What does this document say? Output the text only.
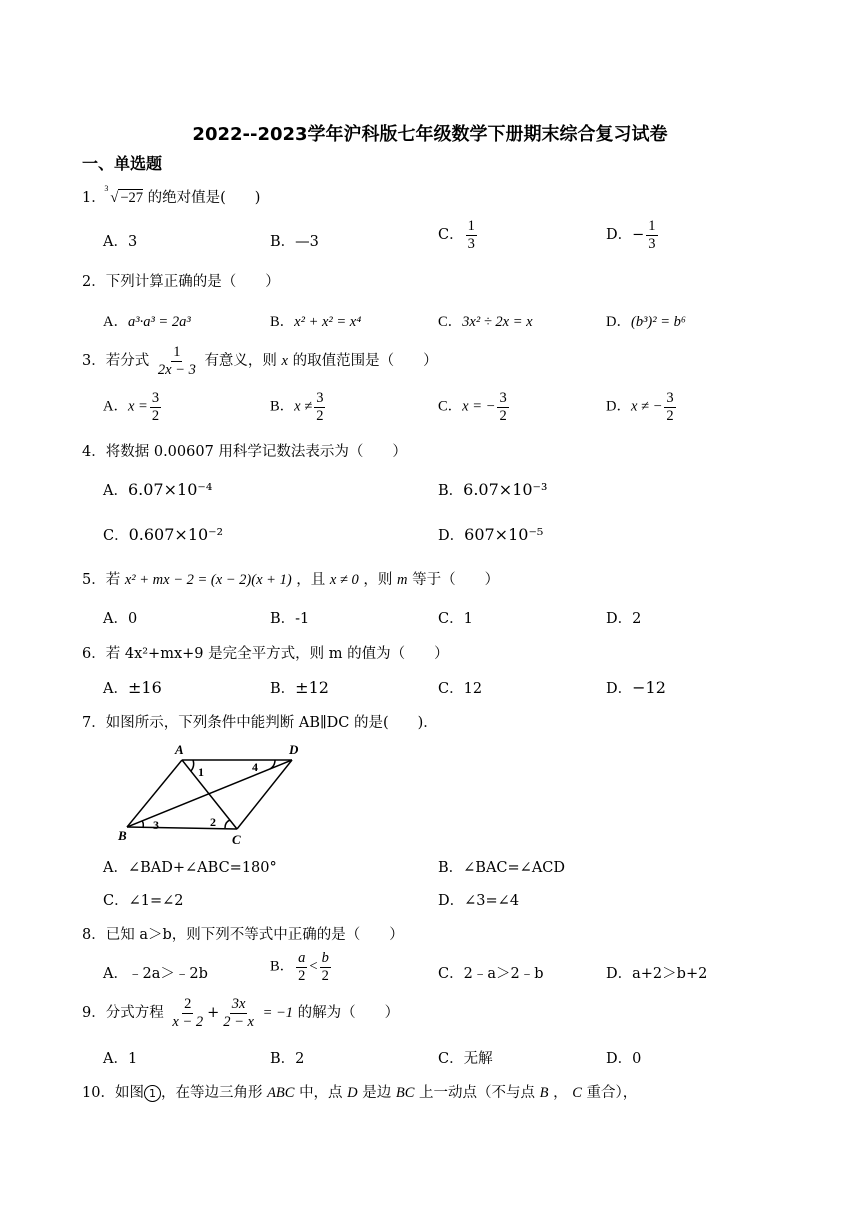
2022--2023学年沪科版七年级数学下册期末综合复习试卷
一、单选题
1．
3
√ −27 的绝对值是(　　)
A．3	B．—3	C． $\frac{1}{3}$	D．− $\frac{1}{3}$
2．下列计算正确的是（　　）
A．a³·a³ = 2a³	B．x² + x² = x⁴	C．3x² ÷ 2x = x	D．(b³)² = b⁶
3．若分式 $\frac{1}{2x - 3}$ 有意义，则 x 的取值范围是（　　）
A．$x = \frac{3}{2}$	B．$x \ne \frac{3}{2}$	C．x = − $\frac{3}{2}$	D．x ≠ − $\frac{3}{2}$
4．将数据 0.00607 用科学记数法表示为（　　）
A．6.07×10⁻⁴	B．6.07×10⁻³
C．0.607×10⁻²	D．607×10⁻⁵
5．若 x² + mx − 2 = (x − 2)(x + 1) ，且 x ≠ 0 ，则 m 等于（　　）
A．0	B．-1	C．1	D．2
6．若 4x²+mx+9 是完全平方式，则 m 的值为（　　）
A．±16	B．±12	C．12	D．−12
7．如图所示，下列条件中能判断 AB∥DC 的是(　　)．
A	D
B	C
1
2
3
4
A．∠BAD+∠ABC=180°	B．∠BAC=∠ACD
C．∠1=∠2	D．∠3=∠4
8．已知 a＞b，则下列不等式中正确的是（　　）
A．﹣2a＞﹣2b	B． $\frac{a}{2} < \frac{b}{2}$	C．2﹣a＞2﹣b	D．a+2＞b+2
9．分式方程 $\frac{2}{x - 2} + \frac{3x}{2 - x} = -1$ 的解为（　　）
A．1	B．2	C．无解	D．0
10．如图 1 ，在等边三角形 ABC 中，点 D 是边 BC 上一动点（不与点 B ， C 重合），
